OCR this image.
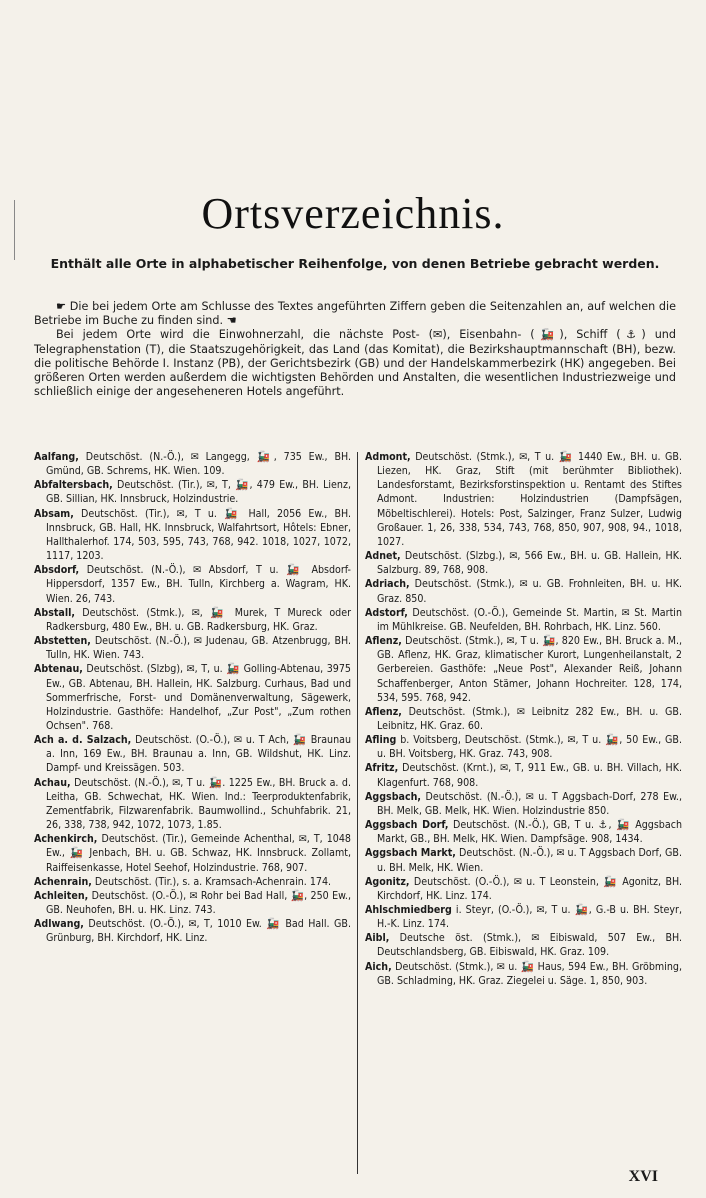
Ortsverzeichnis.
Enthält alle Orte in alphabetischer Reihenfolge, von denen Betriebe gebracht werden.

☛ Die bei jedem Orte am Schlusse des Textes angeführten Ziffern geben die Seitenzahlen an, auf welchen die Betriebe im Buche zu finden sind. ☚

Bei jedem Orte wird die Einwohnerzahl, die nächste Post- (✉), Eisenbahn- (🚂), Schiff (⚓) und Telegraphenstation (T), die Staatszugehörigkeit, das Land (das Komitat), die Bezirkshauptmannschaft (BH), bezw. die politische Behörde I. Instanz (PB), der Gerichtsbezirk (GB) und der Handelskammerbezirk (HK) angegeben. Bei größeren Orten werden außerdem die wichtigsten Behörden und Anstalten, die wesentlichen Industriezweige und schließlich einige der angeseheneren Hotels angeführt.

Aalfang, Deutschöst. (N.-Ö.), ✉ Langegg, 🚂, 735 Ew., BH. Gmünd, GB. Schrems, HK. Wien. 109.

Abfaltersbach, Deutschöst. (Tir.), ✉, T, 🚂, 479 Ew., BH. Lienz, GB. Sillian, HK. Innsbruck, Holzindustrie.

Absam, Deutschöst. (Tir.), ✉, T u. 🚂 Hall, 2056 Ew., BH. Innsbruck, GB. Hall, HK. Innsbruck, Walfahrtsort, Hôtels: Ebner, Hallthalerhof. 174, 503, 595, 743, 768, 942. 1018, 1027, 1072, 1117, 1203.

Absdorf, Deutschöst. (N.-Ö.), ✉ Absdorf, T u. 🚂 Absdorf-Hippersdorf, 1357 Ew., BH. Tulln, Kirchberg a. Wagram, HK. Wien. 26, 743.

Abstall, Deutschöst. (Stmk.), ✉, 🚂 Murek, T Mureck oder Radkersburg, 480 Ew., BH. u. GB. Radkersburg, HK. Graz.

Abstetten, Deutschöst. (N.-Ö.), ✉ Judenau, GB. Atzenbrugg, BH. Tulln, HK. Wien. 743.

Abtenau, Deutschöst. (Slzbg), ✉, T, u. 🚂 Golling-Abtenau, 3975 Ew., GB. Abtenau, BH. Hallein, HK. Salzburg. Curhaus, Bad und Sommerfrische, Forst- und Domänenverwaltung, Sägewerk, Holzindustrie. Gasthöfe: Handelhof, „Zur Post", „Zum rothen Ochsen". 768.

Ach a. d. Salzach, Deutschöst. (O.-Ö.), ✉ u. T Ach, 🚂 Braunau a. Inn, 169 Ew., BH. Braunau a. Inn, GB. Wildshut, HK. Linz. Dampf- und Kreissägen. 503.

Achau, Deutschöst. (N.-Ö.), ✉, T u. 🚂. 1225 Ew., BH. Bruck a. d. Leitha, GB. Schwechat, HK. Wien. Ind.: Teerproduktenfabrik, Zementfabrik, Filzwarenfabrik. Baumwollind., Schuhfabrik. 21, 26, 338, 738, 942, 1072, 1073, 1.85.

Achenkirch, Deutschöst. (Tir.), Gemeinde Achenthal, ✉, T, 1048 Ew., 🚂 Jenbach, BH. u. GB. Schwaz, HK. Innsbruck. Zollamt, Raiffeisenkasse, Hotel Seehof, Holzindustrie. 768, 907.

Achenrain, Deutschöst. (Tir.), s. a. Kramsach-Achenrain. 174.

Achleiten, Deutschöst. (O.-Ö.), ✉ Rohr bei Bad Hall, 🚂, 250 Ew., GB. Neuhofen, BH. u. HK. Linz. 743.

Adlwang, Deutschöst. (O.-Ö.), ✉, T, 1010 Ew. 🚂 Bad Hall. GB. Grünburg, BH. Kirchdorf, HK. Linz.

Admont, Deutschöst. (Stmk.), ✉, T u. 🚂 1440 Ew., BH. u. GB. Liezen, HK. Graz, Stift (mit berühmter Bibliothek). Landesforstamt, Bezirksforstinspektion u. Rentamt des Stiftes Admont. Industrien: Holzindustrien (Dampfsägen, Möbeltischlerei). Hotels: Post, Salzinger, Franz Sulzer, Ludwig Großauer. 1, 26, 338, 534, 743, 768, 850, 907, 908, 94., 1018, 1027.

Adnet, Deutschöst. (Slzbg.), ✉, 566 Ew., BH. u. GB. Hallein, HK. Salzburg. 89, 768, 908.

Adriach, Deutschöst. (Stmk.), ✉ u. GB. Frohnleiten, BH. u. HK. Graz. 850.

Adstorf, Deutschöst. (O.-Ö.), Gemeinde St. Martin, ✉ St. Martin im Mühlkreise. GB. Neufelden, BH. Rohrbach, HK. Linz. 560.

Aflenz, Deutschöst. (Stmk.), ✉, T u. 🚂, 820 Ew., BH. Bruck a. M., GB. Aflenz, HK. Graz, klimatischer Kurort, Lungenheilanstalt, 2 Gerbereien. Gasthöfe: „Neue Post", Alexander Reiß, Johann Schaffenberger, Anton Stämer, Johann Hochreiter. 128, 174, 534, 595. 768, 942.

Aflenz, Deutschöst. (Stmk.), ✉ Leibnitz 282 Ew., BH. u. GB. Leibnitz, HK. Graz. 60.

Afling b. Voitsberg, Deutschöst. (Stmk.), ✉, T u. 🚂, 50 Ew., GB. u. BH. Voitsberg, HK. Graz. 743, 908.

Afritz, Deutschöst. (Krnt.), ✉, T, 911 Ew., GB. u. BH. Villach, HK. Klagenfurt. 768, 908.

Aggsbach, Deutschöst. (N.-Ö.), ✉ u. T Aggsbach-Dorf, 278 Ew., BH. Melk, GB. Melk, HK. Wien. Holzindustrie 850.

Aggsbach Dorf, Deutschöst. (N.-Ö.), GB, T u. ⚓, 🚂 Aggsbach Markt, GB., BH. Melk, HK. Wien. Dampfsäge. 908, 1434.

Aggsbach Markt, Deutschöst. (N.-Ö.), ✉ u. T Aggsbach Dorf, GB. u. BH. Melk, HK. Wien.

Agonitz, Deutschöst. (O.-Ö.), ✉ u. T Leonstein, 🚂 Agonitz, BH. Kirchdorf, HK. Linz. 174.

Ahlschmiedberg i. Steyr, (O.-Ö.), ✉, T u. 🚂, G.-B u. BH. Steyr, H.-K. Linz. 174.

Aibl, Deutsche öst. (Stmk.), ✉ Eibiswald, 507 Ew., BH. Deutschlandsberg, GB. Eibiswald, HK. Graz. 109.

Aich, Deutschöst. (Stmk.), ✉ u. 🚂 Haus, 594 Ew., BH. Gröbming, GB. Schladming, HK. Graz. Ziegelei u. Säge. 1, 850, 903.

XVI
